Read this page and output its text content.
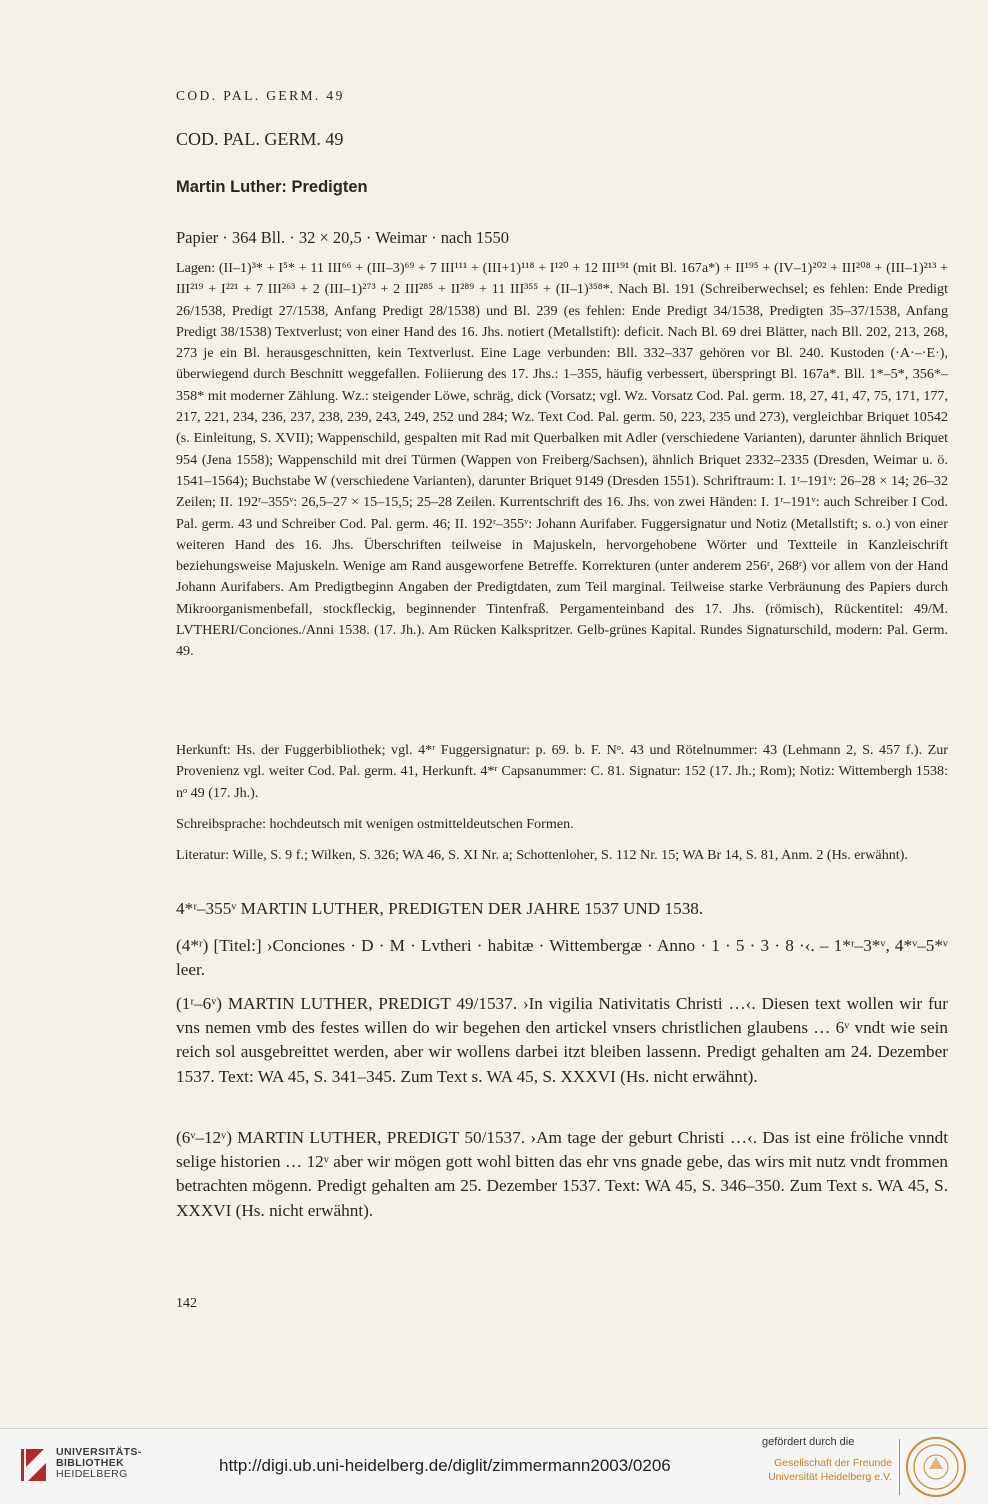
COD. PAL. GERM. 49
COD. PAL. GERM. 49
Martin Luther: Predigten
Papier · 364 Bll. · 32 × 20,5 · Weimar · nach 1550
Lagen: (II–1)³* + I⁵* + 11 III⁶⁶ + (III–3)⁶⁹ + 7 III¹¹¹ + (III+1)¹¹⁸ + I¹²⁰ + 12 III¹⁹¹ (mit Bl. 167a*) + II¹⁹⁵ + (IV–1)²⁰² + III²⁰⁸ + (III–1)²¹³ + III²¹⁹ + I²²¹ + 7 III²⁶³ + 2 (III–1)²⁷³ + 2 III²⁸⁵ + II²⁸⁹ + 11 III³⁵⁵ + (II–1)³⁵⁸*. Nach Bl. 191 (Schreiberwechsel; es fehlen: Ende Predigt 26/1538, Predigt 27/1538, Anfang Predigt 28/1538) und Bl. 239 (es fehlen: Ende Predigt 34/1538, Predigten 35–37/1538, Anfang Predigt 38/1538) Textverlust; von einer Hand des 16. Jhs. notiert (Metallstift): deficit. Nach Bl. 69 drei Blätter, nach Bll. 202, 213, 268, 273 je ein Bl. herausgeschnitten, kein Textverlust. Eine Lage verbunden: Bll. 332–337 gehören vor Bl. 240. Kustoden (·A·–·E·), überwiegend durch Beschnitt weggefallen. Foliierung des 17. Jhs.: 1–355, häufig verbessert, überspringt Bl. 167a*. Bll. 1*–5*, 356*–358* mit moderner Zählung. Wz.: steigender Löwe, schräg, dick (Vorsatz; vgl. Wz. Vorsatz Cod. Pal. germ. 18, 27, 41, 47, 75, 171, 177, 217, 221, 234, 236, 237, 238, 239, 243, 249, 252 und 284; Wz. Text Cod. Pal. germ. 50, 223, 235 und 273), vergleichbar Briquet 10542 (s. Einleitung, S. XVII); Wappenschild, gespalten mit Rad mit Querbalken mit Adler (verschiedene Varianten), darunter ähnlich Briquet 954 (Jena 1558); Wappenschild mit drei Türmen (Wappen von Freiberg/Sachsen), ähnlich Briquet 2332–2335 (Dresden, Weimar u. ö. 1541–1564); Buchstabe W (verschiedene Varianten), darunter Briquet 9149 (Dresden 1551). Schriftraum: I. 1ʳ–191ᵛ: 26–28 × 14; 26–32 Zeilen; II. 192ʳ–355ᵛ: 26,5–27 × 15–15,5; 25–28 Zeilen. Kurrentschrift des 16. Jhs. von zwei Händen: I. 1ʳ–191ᵛ: auch Schreiber I Cod. Pal. germ. 43 und Schreiber Cod. Pal. germ. 46; II. 192ʳ–355ᵛ: Johann Aurifaber. Fuggersignatur und Notiz (Metallstift; s. o.) von einer weiteren Hand des 16. Jhs. Überschriften teilweise in Majuskeln, hervorgehobene Wörter und Textteile in Kanzleischrift beziehungsweise Majuskeln. Wenige am Rand ausgeworfene Betreffe. Korrekturen (unter anderem 256ʳ, 268ʳ) vor allem von der Hand Johann Aurifabers. Am Predigtbeginn Angaben der Predigtdaten, zum Teil marginal. Teilweise starke Verbräunung des Papiers durch Mikroorganismenbefall, stockfleckig, beginnender Tintenfraß. Pergamenteinband des 17. Jhs. (römisch), Rückentitel: 49/M. LVTHERI/Conciones./Anni 1538. (17. Jh.). Am Rücken Kalkspritzer. Gelb-grünes Kapital. Rundes Signaturschild, modern: Pal. Germ. 49.
Herkunft: Hs. der Fuggerbibliothek; vgl. 4*ʳ Fuggersignatur: p. 69. b. F. Nᵒ. 43 und Rötelnummer: 43 (Lehmann 2, S. 457 f.). Zur Provenienz vgl. weiter Cod. Pal. germ. 41, Herkunft. 4*ʳ Capsanummer: C. 81. Signatur: 152 (17. Jh.; Rom); Notiz: Wittembergh 1538: nᵒ 49 (17. Jh.).
Schreibsprache: hochdeutsch mit wenigen ostmitteldeutschen Formen.
Literatur: Wille, S. 9 f.; Wilken, S. 326; WA 46, S. XI Nr. a; Schottenloher, S. 112 Nr. 15; WA Br 14, S. 81, Anm. 2 (Hs. erwähnt).
4*ʳ–355ᵛ MARTIN LUTHER, PREDIGTEN DER JAHRE 1537 UND 1538.
(4*ʳ) [Titel:] ›Conciones · D · M · Lvtheri · habitæ · Wittembergæ · Anno · 1 · 5 · 3 · 8 ·‹. – 1*ʳ–3*ᵛ, 4*ᵛ–5*ᵛ leer.
(1ʳ–6ᵛ) MARTIN LUTHER, PREDIGT 49/1537. ›In vigilia Nativitatis Christi …‹. Diesen text wollen wir fur vns nemen vmb des festes willen do wir begehen den artickel vnsers christlichen glaubens … 6ᵛ vndt wie sein reich sol ausgebreittet werden, aber wir wollens darbei itzt bleiben lassenn. Predigt gehalten am 24. Dezember 1537. Text: WA 45, S. 341–345. Zum Text s. WA 45, S. XXXVI (Hs. nicht erwähnt).
(6ᵛ–12ᵛ) MARTIN LUTHER, PREDIGT 50/1537. ›Am tage der geburt Christi …‹. Das ist eine fröliche vnndt selige historien … 12ᵛ aber wir mögen gott wohl bitten das ehr vns gnade gebe, das wirs mit nutz vndt frommen betrachten mögenn. Predigt gehalten am 25. Dezember 1537. Text: WA 45, S. 346–350. Zum Text s. WA 45, S. XXXVI (Hs. nicht erwähnt).
142
UNIVERSITÄTS-
BIBLIOTHEK
HEIDELBERG	http://digi.ub.uni-heidelberg.de/diglit/zimmermann2003/0206
gefördert durch die
Gesellschaft der Freunde
Universität Heidelberg e.V.
